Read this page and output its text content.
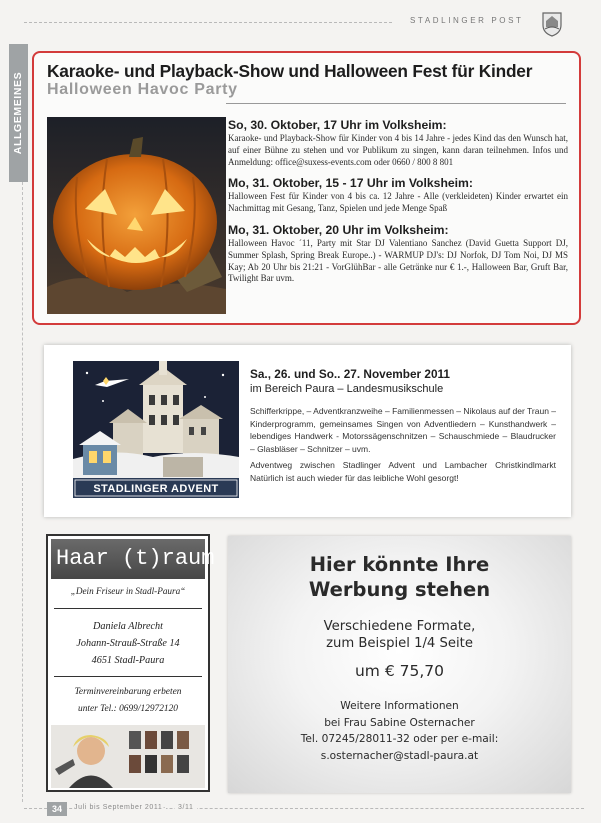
STADLINGER POST
ALLGEMEINES
Karaoke- und Playback-Show und Halloween Fest für Kinder
Halloween Havoc Party
So, 30. Oktober, 17 Uhr im Volksheim:
Karaoke- und Playback-Show für Kinder von 4 bis 14 Jahre - jedes Kind das den Wunsch hat, auf einer Bühne zu stehen und vor Publikum zu singen, kann daran teilnehmen. Infos und Anmeldung: office@suxess-events.com oder 0660 / 800 8 801
Mo, 31. Oktober, 15 - 17 Uhr im Volksheim:
Halloween Fest für Kinder von 4 bis ca. 12 Jahre - Alle (verkleideten) Kinder erwartet ein Nachmittag mit Gesang, Tanz, Spielen und jede Menge Spaß
Mo, 31. Oktober, 20 Uhr im Volksheim:
Halloween Havoc ´11, Party mit Star DJ Valentiano Sanchez (David Guetta Support DJ, Summer Splash, Spring Break Europe..) - WARMUP DJ's: DJ Norfok, DJ Tom Noi, DJ MS Kay; Ab 20 Uhr bis 21:21 - VorGlühBar - alle Getränke nur € 1.-, Halloween Bar, Gruft Bar, Twilight Bar uvm.
STADLINGER ADVENT
Sa., 26. und So.. 27. November 2011
im Bereich Paura – Landesmusikschule
Schifferkrippe, – Adventkranzweihe – Familienmessen – Nikolaus auf der Traun – Kinderprogramm, gemeinsames Singen von Adventliedern – Kunsthandwerk – lebendiges Handwerk - Motorssägenschnitzen – Schauschmiede – Blaudrucker – Glasbläser – Schnitzer – uvm.
Adventweg zwischen Stadlinger Advent und Lambacher Christkindlmarkt Natürlich ist auch wieder für das leibliche Wohl gesorgt!
Haar (t)raum
„Dein Friseur in Stadl-Paura“
Daniela Albrecht
Johann-Strauß-Straße 14
4651 Stadl-Paura
Terminvereinbarung erbeten
unter Tel.: 0699/12972120
Hier könnte Ihre
Werbung stehen
Verschiedene Formate,
zum Beispiel 1/4 Seite
um € 75,70
Weitere Informationen
bei Frau Sabine Osternacher
Tel. 07245/28011-32 oder per e-mail:
s.osternacher@stadl-paura.at
34	Juli bis September 2011 ·	3/11
